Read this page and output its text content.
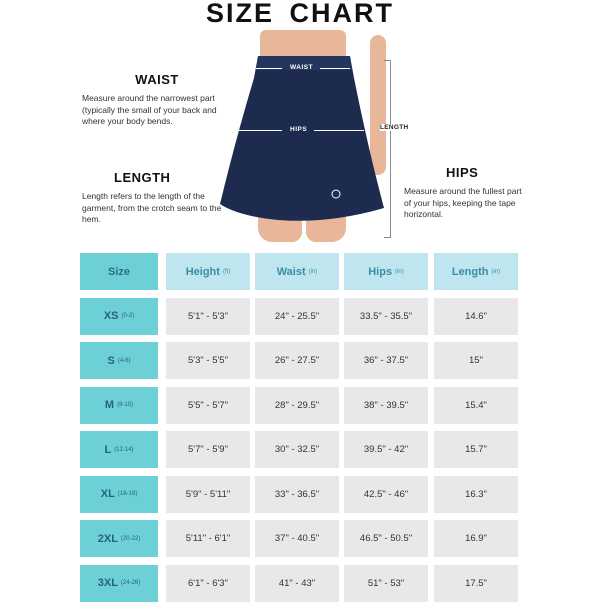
SIZE CHART
WAIST

Measure around the narrowest part (typically the small of your back and where your body bends.

LENGTH

Length refers to the length of the garment, from the crotch seam to the hem.

HIPS

Measure around the fullest part of your hips, keeping the tape horizontal.

WAIST
HIPS	LENGTH
Size	Height (ft)	Waist (in)	Hips (in)	Length (in)
XS (0-2)	5'1" - 5'3"	24" - 25.5"	33.5" - 35.5"	14.6"
S (4-6)	5'3" - 5'5"	26" - 27.5"	36" - 37.5"	15"
M (8-10)	5'5" - 5'7"	28" - 29.5"	38" - 39.5"	15.4"
L (12-14)	5'7" - 5'9"	30" - 32.5"	39.5" - 42"	15.7"
XL (16-18)	5'9" - 5'11"	33" - 36.5"	42.5" - 46"	16.3"
2XL (20-22)	5'11" - 6'1"	37" - 40.5"	46.5" - 50.5"	16.9"
3XL (24-26)	6'1" - 6'3"	41" - 43"	51" - 53"	17.5"
